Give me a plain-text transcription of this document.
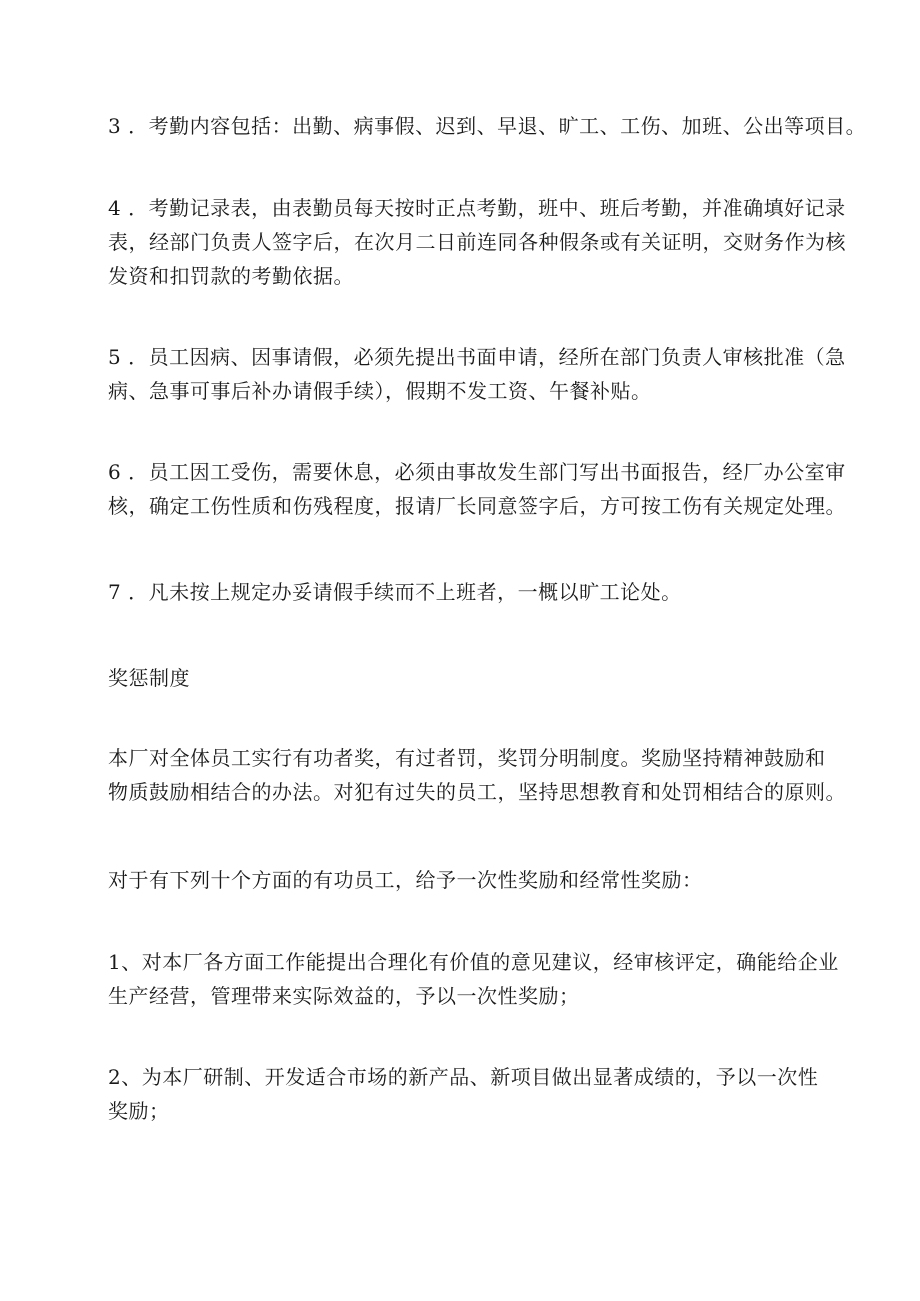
3 ．考勤内容包括：出勤、病事假、迟到、早退、旷工、工伤、加班、公出等项目。
4 ．考勤记录表，由表勤员每天按时正点考勤，班中、班后考勤，并准确填好记录
表，经部门负责人签字后，在次月二日前连同各种假条或有关证明，交财务作为核
发资和扣罚款的考勤依据。
5 ．员工因病、因事请假，必须先提出书面申请，经所在部门负责人审核批准（急
病、急事可事后补办请假手续），假期不发工资、午餐补贴。
6 ．员工因工受伤，需要休息，必须由事故发生部门写出书面报告，经厂办公室审
核，确定工伤性质和伤残程度，报请厂长同意签字后，方可按工伤有关规定处理。
7 ．凡未按上规定办妥请假手续而不上班者，一概以旷工论处。
奖惩制度
本厂对全体员工实行有功者奖，有过者罚，奖罚分明制度。奖励坚持精神鼓励和
物质鼓励相结合的办法。对犯有过失的员工，坚持思想教育和处罚相结合的原则。
对于有下列十个方面的有功员工，给予一次性奖励和经常性奖励：
1、对本厂各方面工作能提出合理化有价值的意见建议，经审核评定，确能给企业
生产经营，管理带来实际效益的，予以一次性奖励；
2、为本厂研制、开发适合市场的新产品、新项目做出显著成绩的，予以一次性
奖励；
